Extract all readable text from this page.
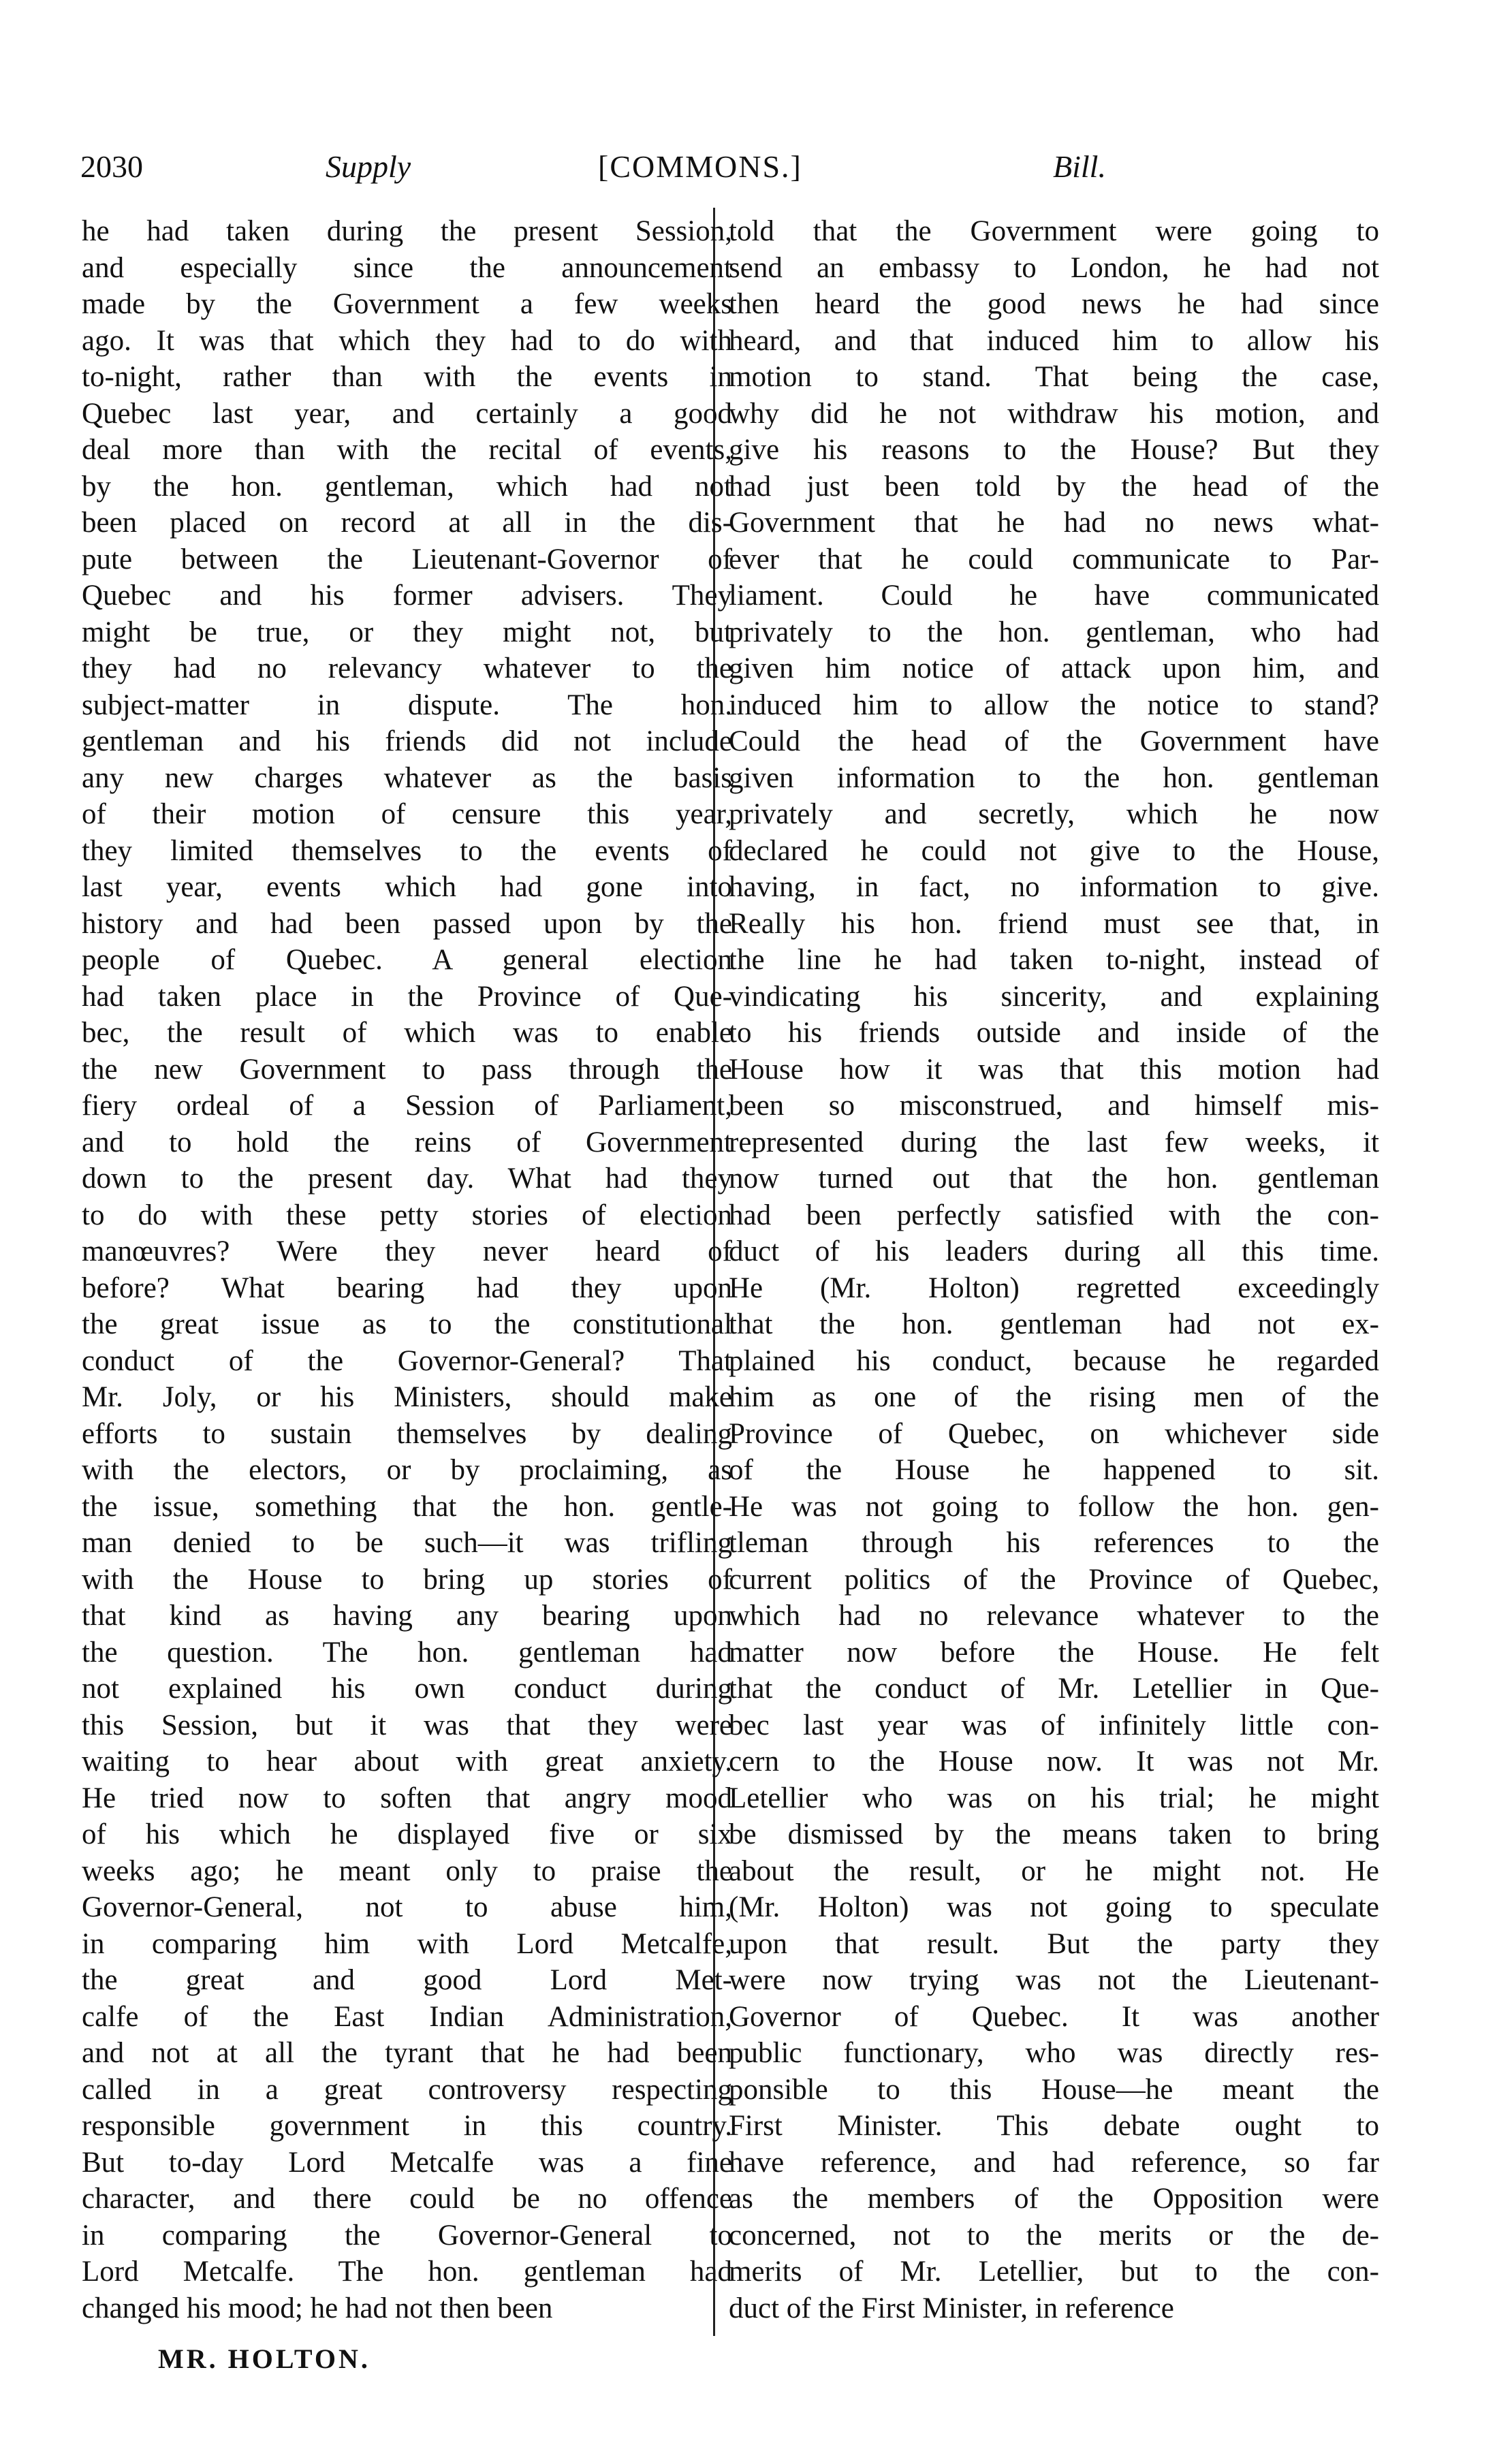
2030	Supply	[COMMONS.]	Bill.
he had taken during the present Session,
and especially since the announcement
made by the Government a few weeks
ago. It was that which they had to do with
to-night, rather than with the events in
Quebec last year, and certainly a good
deal more than with the recital of events,
by the hon. gentleman, which had not
been placed on record at all in the dis-
pute between the Lieutenant-Governor of
Quebec and his former advisers. They
might be true, or they might not, but
they had no relevancy whatever to the
subject-matter in dispute. The hon.
gentleman and his friends did not include
any new charges whatever as the basis
of their motion of censure this year,
they limited themselves to the events of
last year, events which had gone into
history and had been passed upon by the
people of Quebec. A general election
had taken place in the Province of Que-
bec, the result of which was to enable
the new Government to pass through the
fiery ordeal of a Session of Parliament,
and to hold the reins of Government
down to the present day. What had they
to do with these petty stories of election
manœuvres? Were they never heard of
before? What bearing had they upon
the great issue as to the constitutional
conduct of the Governor-General? That
Mr. Joly, or his Ministers, should make
efforts to sustain themselves by dealing
with the electors, or by proclaiming, as
the issue, something that the hon. gentle-
man denied to be such—it was trifling
with the House to bring up stories of
that kind as having any bearing upon
the question. The hon. gentleman had
not explained his own conduct during
this Session, but it was that they were
waiting to hear about with great anxiety.
He tried now to soften that angry mood
of his which he displayed five or six
weeks ago; he meant only to praise the
Governor-General, not to abuse him,
in comparing him with Lord Metcalfe,
the great and good Lord Met-
calfe of the East Indian Administration,
and not at all the tyrant that he had been
called in a great controversy respecting
responsible government in this country.
But to-day Lord Metcalfe was a fine
character, and there could be no offence
in comparing the Governor-General to
Lord Metcalfe. The hon. gentleman had
changed his mood; he had not then been
told that the Government were going to
send an embassy to London, he had not
then heard the good news he had since
heard, and that induced him to allow his
motion to stand. That being the case,
why did he not withdraw his motion, and
give his reasons to the House? But they
had just been told by the head of the
Government that he had no news what-
ever that he could communicate to Par-
liament. Could he have communicated
privately to the hon. gentleman, who had
given him notice of attack upon him, and
induced him to allow the notice to stand?
Could the head of the Government have
given information to the hon. gentleman
privately and secretly, which he now
declared he could not give to the House,
having, in fact, no information to give.
Really his hon. friend must see that, in
the line he had taken to-night, instead of
vindicating his sincerity, and explaining
to his friends outside and inside of the
House how it was that this motion had
been so misconstrued, and himself mis-
represented during the last few weeks, it
now turned out that the hon. gentleman
had been perfectly satisfied with the con-
duct of his leaders during all this time.
He (Mr. Holton) regretted exceedingly
that the hon. gentleman had not ex-
plained his conduct, because he regarded
him as one of the rising men of the
Province of Quebec, on whichever side
of the House he happened to sit.
He was not going to follow the hon. gen-
tleman through his references to the
current politics of the Province of Quebec,
which had no relevance whatever to the
matter now before the House. He felt
that the conduct of Mr. Letellier in Que-
bec last year was of infinitely little con-
cern to the House now. It was not Mr.
Letellier who was on his trial; he might
be dismissed by the means taken to bring
about the result, or he might not. He
(Mr. Holton) was not going to speculate
upon that result. But the party they
were now trying was not the Lieutenant-
Governor of Quebec. It was another
public functionary, who was directly res-
ponsible to this House—he meant the
First Minister. This debate ought to
have reference, and had reference, so far
as the members of the Opposition were
concerned, not to the merits or the de-
merits of Mr. Letellier, but to the con-
duct of the First Minister, in reference
MR. HOLTON.
